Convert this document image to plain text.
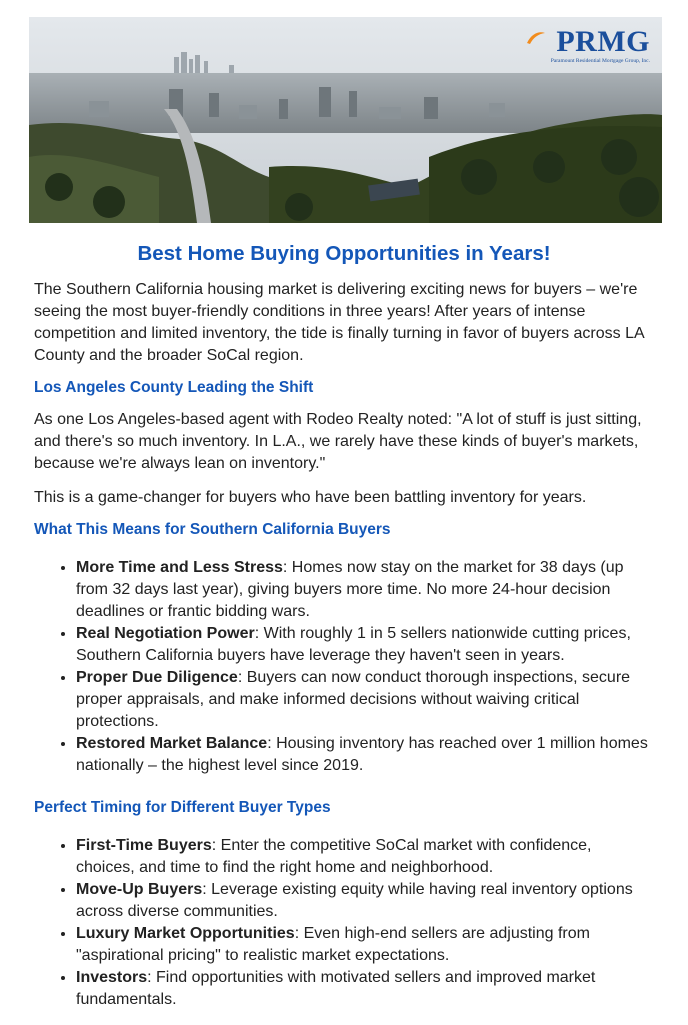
PRMG
Paramount Residential Mortgage Group, Inc.
Best Home Buying Opportunities in Years!

The Southern California housing market is delivering exciting news for buyers – we're seeing the most buyer-friendly conditions in three years! After years of intense competition and limited inventory, the tide is finally turning in favor of buyers across LA County and the broader SoCal region.

Los Angeles County Leading the Shift

As one Los Angeles-based agent with Rodeo Realty noted: "A lot of stuff is just sitting, and there's so much inventory. In L.A., we rarely have these kinds of buyer's markets, because we're always lean on inventory."

This is a game-changer for buyers who have been battling inventory for years.

What This Means for Southern California Buyers
• More Time and Less Stress: Homes now stay on the market for 38 days (up from 32 days last year), giving buyers more time. No more 24-hour decision deadlines or frantic bidding wars.
• Real Negotiation Power: With roughly 1 in 5 sellers nationwide cutting prices, Southern California buyers have leverage they haven't seen in years.
• Proper Due Diligence: Buyers can now conduct thorough inspections, secure proper appraisals, and make informed decisions without waiving critical protections.
• Restored Market Balance: Housing inventory has reached over 1 million homes nationally – the highest level since 2019.
Perfect Timing for Different Buyer Types
• First-Time Buyers: Enter the competitive SoCal market with confidence, choices, and time to find the right home and neighborhood.
• Move-Up Buyers: Leverage existing equity while having real inventory options across diverse communities.
• Luxury Market Opportunities: Even high-end sellers are adjusting from "aspirational pricing" to realistic market expectations.
• Investors: Find opportunities with motivated sellers and improved market fundamentals.
